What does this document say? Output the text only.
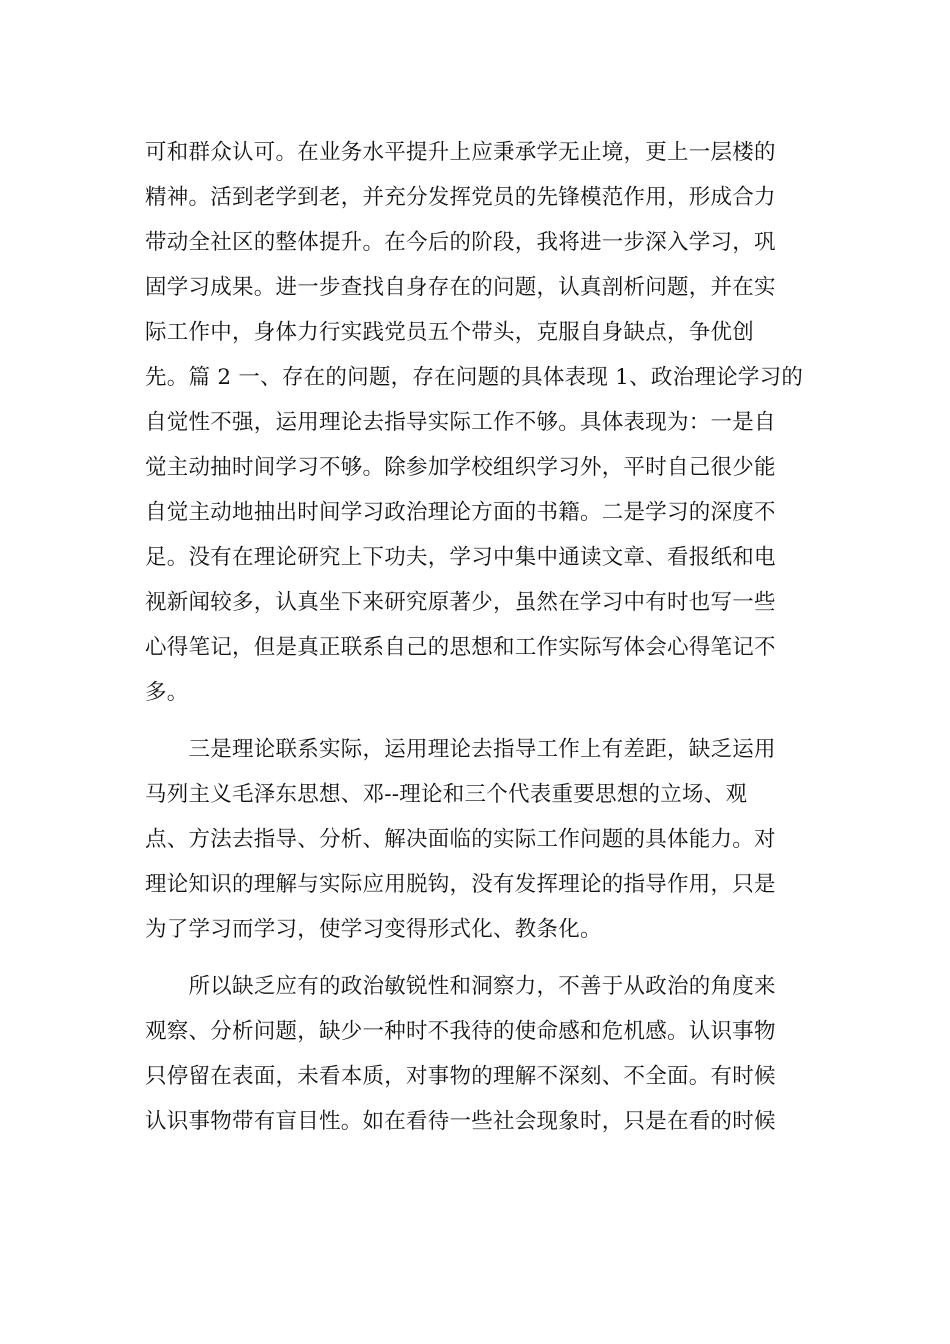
可和群众认可。在业务水平提升上应秉承学无止境，更上一层楼的
精神。活到老学到老，并充分发挥党员的先锋模范作用，形成合力
带动全社区的整体提升。在今后的阶段，我将进一步深入学习，巩
固学习成果。进一步查找自身存在的问题，认真剖析问题，并在实
际工作中，身体力行实践党员五个带头，克服自身缺点，争优创
先。篇 2 一、存在的问题，存在问题的具体表现 1、政治理论学习的
自觉性不强，运用理论去指导实际工作不够。具体表现为：一是自
觉主动抽时间学习不够。除参加学校组织学习外，平时自己很少能
自觉主动地抽出时间学习政治理论方面的书籍。二是学习的深度不
足。没有在理论研究上下功夫，学习中集中通读文章、看报纸和电
视新闻较多，认真坐下来研究原著少，虽然在学习中有时也写一些
心得笔记，但是真正联系自己的思想和工作实际写体会心得笔记不
多。
　　三是理论联系实际，运用理论去指导工作上有差距，缺乏运用
马列主义毛泽东思想、邓--理论和三个代表重要思想的立场、观
点、方法去指导、分析、解决面临的实际工作问题的具体能力。对
理论知识的理解与实际应用脱钩，没有发挥理论的指导作用，只是
为了学习而学习，使学习变得形式化、教条化。
　　所以缺乏应有的政治敏锐性和洞察力，不善于从政治的角度来
观察、分析问题，缺少一种时不我待的使命感和危机感。认识事物
只停留在表面，未看本质，对事物的理解不深刻、不全面。有时候
认识事物带有盲目性。如在看待一些社会现象时，只是在看的时候
